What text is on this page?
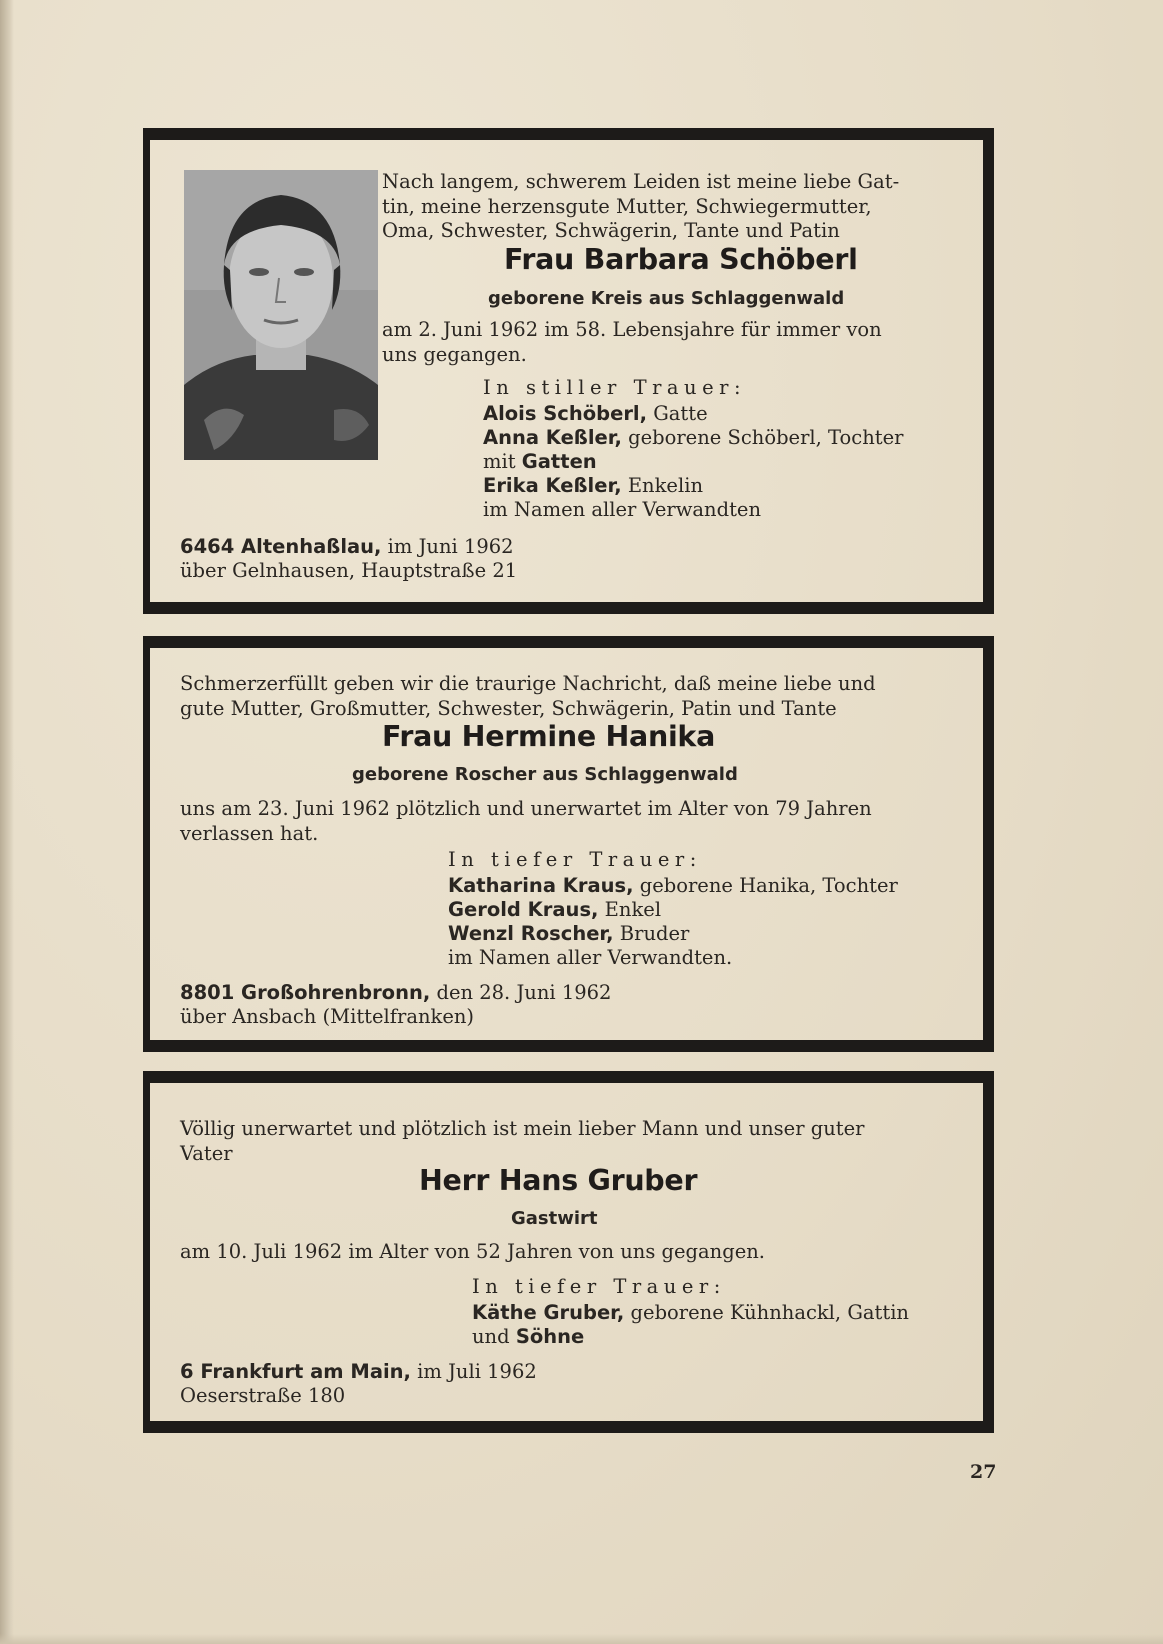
Nach langem, schwerem Leiden ist meine liebe Gat-
tin, meine herzensgute Mutter, Schwiegermutter,
Oma, Schwester, Schwägerin, Tante und Patin
Frau Barbara Schöberl
geborene Kreis aus Schlaggenwald
am 2. Juni 1962 im 58. Lebensjahre für immer von
uns gegangen.
In stiller Trauer:
Alois Schöberl, Gatte
Anna Keßler, geborene Schöberl, Tochter
mit Gatten
Erika Keßler, Enkelin
im Namen aller Verwandten
6464 Altenhaßlau, im Juni 1962
über Gelnhausen, Hauptstraße 21
Schmerzerfüllt geben wir die traurige Nachricht, daß meine liebe und
gute Mutter, Großmutter, Schwester, Schwägerin, Patin und Tante
Frau Hermine Hanika
geborene Roscher aus Schlaggenwald
uns am 23. Juni 1962 plötzlich und unerwartet im Alter von 79 Jahren
verlassen hat.
In tiefer Trauer:
Katharina Kraus, geborene Hanika, Tochter
Gerold Kraus, Enkel
Wenzl Roscher, Bruder
im Namen aller Verwandten.
8801 Großohrenbronn, den 28. Juni 1962
über Ansbach (Mittelfranken)
Völlig unerwartet und plötzlich ist mein lieber Mann und unser guter
Vater
Herr Hans Gruber
Gastwirt
am 10. Juli 1962 im Alter von 52 Jahren von uns gegangen.
In tiefer Trauer:
Käthe Gruber, geborene Kühnhackl, Gattin
und Söhne
6 Frankfurt am Main, im Juli 1962
Oeserstraße 180
27
